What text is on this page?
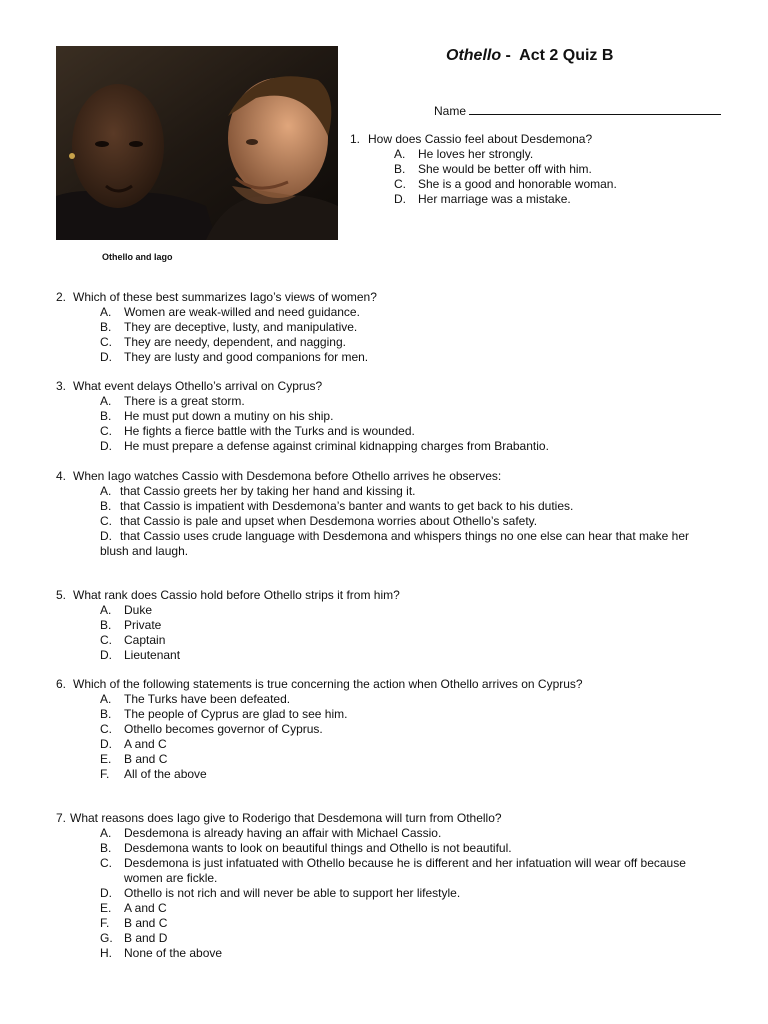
Othello and Iago
Othello -  Act 2 Quiz B
Name
1. How does Cassio feel about Desdemona?
A.	He loves her strongly.
B.	She would be better off with him.
C.	She is a good and honorable woman.
D.	Her marriage was a mistake.
2. Which of these best summarizes Iago’s views of women?
A.	Women are weak-willed and need guidance.
B.	They are deceptive, lusty, and manipulative.
C.	They are needy, dependent, and nagging.
D.	They are lusty and good companions for men.
3. What event delays Othello’s arrival on Cyprus?
A.	There is a great storm.
B.	He must put down a mutiny on his ship.
C.	He fights a fierce battle with the Turks and is wounded.
D.	He must prepare a defense against criminal kidnapping charges from Brabantio.
4. When Iago watches Cassio with Desdemona before Othello arrives he observes:
A. that Cassio greets her by taking her hand and kissing it.
B. that Cassio is impatient with Desdemona’s banter and wants to get back to his duties.
C. that Cassio is pale and upset when Desdemona worries about Othello’s safety.
D. that Cassio uses crude language with Desdemona and whispers things no one else can hear that make her blush and laugh.
5. What rank does Cassio hold before Othello strips it from him?
A.	Duke
B.	Private
C.	Captain
D.	Lieutenant
6. Which of the following statements is true concerning the action when Othello arrives on Cyprus?
A.	The Turks have been defeated.
B.	The people of Cyprus are glad to see him.
C.	Othello becomes governor of Cyprus.
D.	A and C
E.	B and C
F.	All of the above
7. What reasons does Iago give to Roderigo that Desdemona will turn from Othello?
A.	Desdemona is already having an affair with Michael Cassio.
B.	Desdemona wants to look on beautiful things and Othello is not beautiful.
C.	Desdemona is just infatuated with Othello because he is different and her infatuation will wear off because women are fickle.
D.	Othello is not rich and will never be able to support her lifestyle.
E.	A and C
F.	B and C
G. B and D
H.	None of the above
